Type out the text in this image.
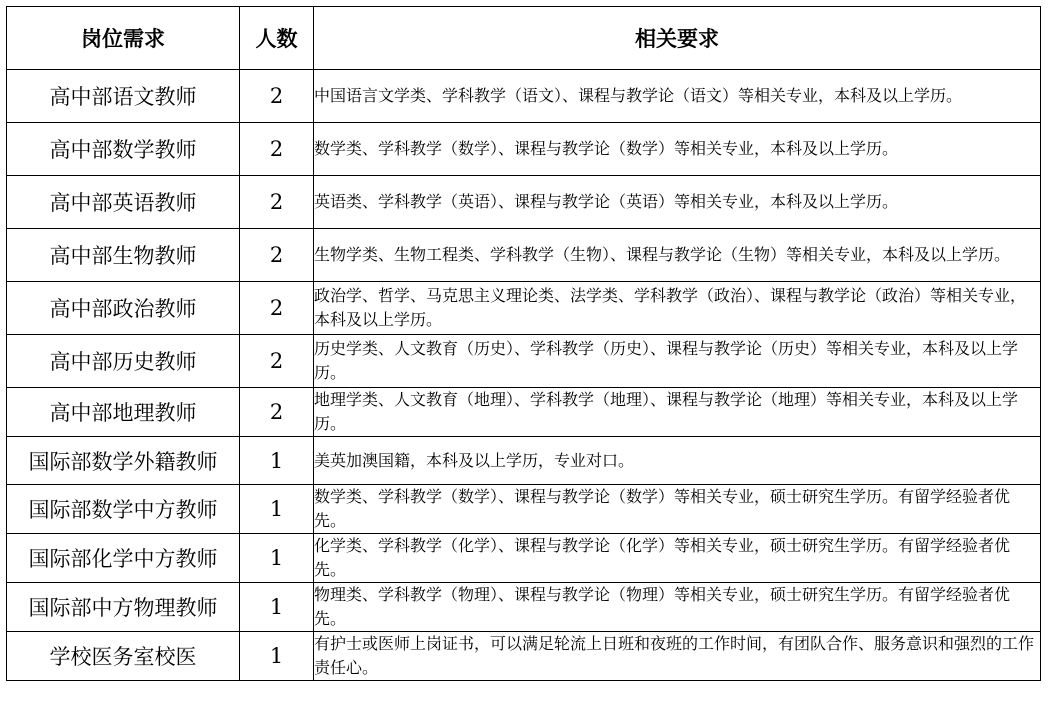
岗位需求	人数	相关要求
高中部语文教师	2	中国语言文学类、学科教学（语文）、课程与教学论（语文）等相关专业，本科及以上学历。
高中部数学教师	2	数学类、学科教学（数学）、课程与教学论（数学）等相关专业，本科及以上学历。
高中部英语教师	2	英语类、学科教学（英语）、课程与教学论（英语）等相关专业，本科及以上学历。
高中部生物教师	2	生物学类、生物工程类、学科教学（生物）、课程与教学论（生物）等相关专业，本科及以上学历。
高中部政治教师	2	政治学、哲学、马克思主义理论类、法学类、学科教学（政治）、课程与教学论（政治）等相关专业，本科及以上学历。
高中部历史教师	2	历史学类、人文教育（历史）、学科教学（历史）、课程与教学论（历史）等相关专业，本科及以上学历。
高中部地理教师	2	地理学类、人文教育（地理）、学科教学（地理）、课程与教学论（地理）等相关专业，本科及以上学历。
国际部数学外籍教师	1	美英加澳国籍，本科及以上学历，专业对口。
国际部数学中方教师	1	数学类、学科教学（数学）、课程与教学论（数学）等相关专业，硕士研究生学历。有留学经验者优先。
国际部化学中方教师	1	化学类、学科教学（化学）、课程与教学论（化学）等相关专业，硕士研究生学历。有留学经验者优先。
国际部中方物理教师	1	物理类、学科教学（物理）、课程与教学论（物理）等相关专业，硕士研究生学历。有留学经验者优先。
学校医务室校医	1	有护士或医师上岗证书，可以满足轮流上日班和夜班的工作时间，有团队合作、服务意识和强烈的工作责任心。
